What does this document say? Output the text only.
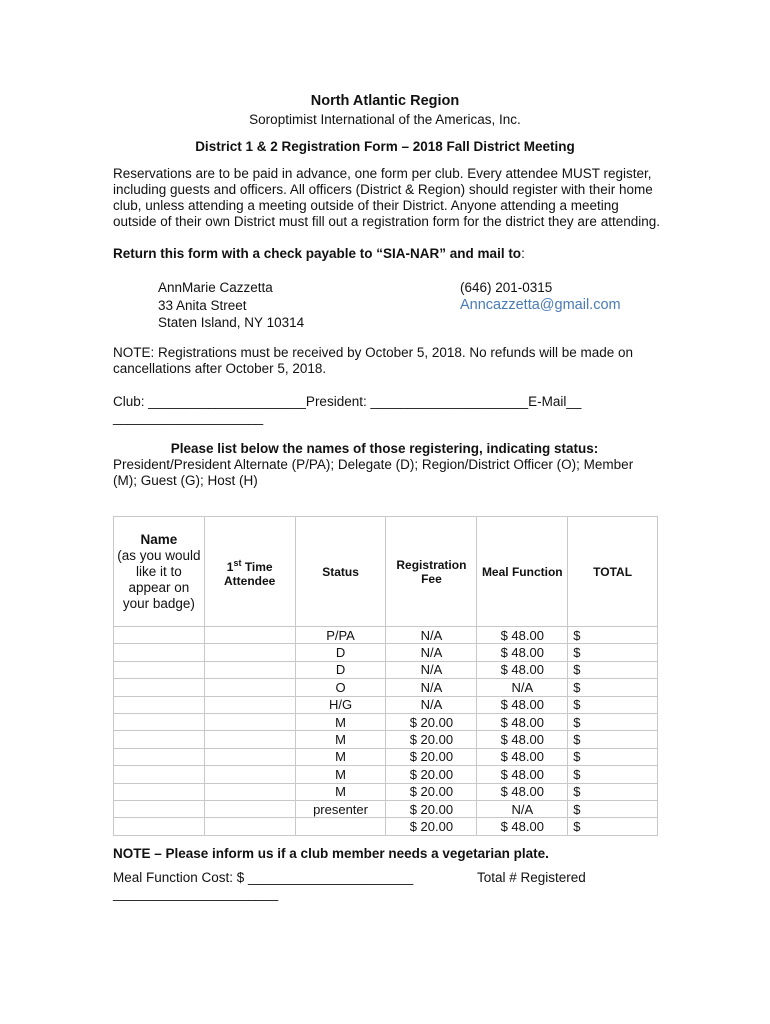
North Atlantic Region
Soroptimist International of the Americas, Inc.
District 1 & 2 Registration Form – 2018 Fall District Meeting
Reservations are to be paid in advance, one form per club. Every attendee MUST register, including guests and officers. All officers (District & Region) should register with their home club, unless attending a meeting outside of their District. Anyone attending a meeting outside of their own District must fill out a registration form for the district they are attending.
Return this form with a check payable to “SIA-NAR” and mail to:
AnnMarie Cazzetta
33 Anita Street
Staten Island, NY 10314
(646) 201-0315
Anncazzetta@gmail.com
NOTE: Registrations must be received by October 5, 2018. No refunds will be made on cancellations after October 5, 2018.
Club: _____________________President: _____________________E-Mail______________________
Please list below the names of those registering, indicating status:
President/President Alternate (P/PA); Delegate (D); Region/District Officer (O); Member (M); Guest (G); Host (H)
Name
(as you would like it to appear on your badge)	1st Time Attendee	Status	Registration Fee	Meal Function	TOTAL
		P/PA	N/A	$ 48.00	$
		D	N/A	$ 48.00	$
		D	N/A	$ 48.00	$
		O	N/A	N/A	$
		H/G	N/A	$ 48.00	$
		M	$ 20.00	$ 48.00	$
		M	$ 20.00	$ 48.00	$
		M	$ 20.00	$ 48.00	$
		M	$ 20.00	$ 48.00	$
		M	$ 20.00	$ 48.00	$
		presenter	$ 20.00	N/A	$
			$ 20.00	$ 48.00	$
NOTE – Please inform us if a club member needs a vegetarian plate.
Meal Function Cost: $ ______________________	Total # Registered
______________________
